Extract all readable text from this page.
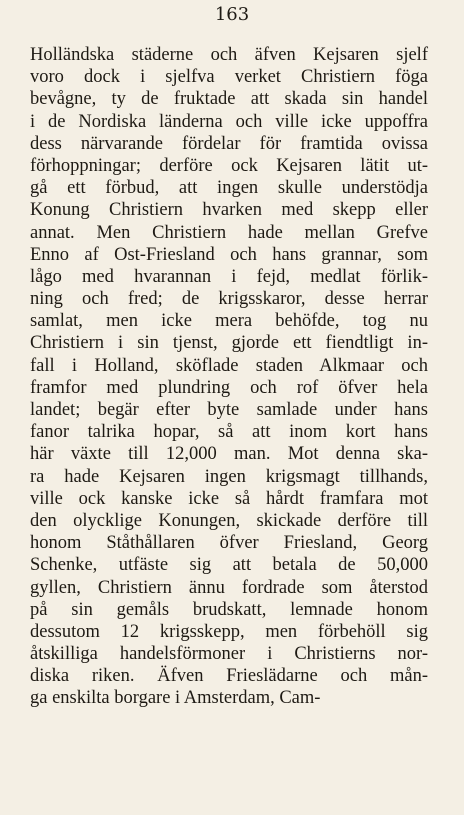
163
Holländska städerne och äfven Kejsaren sjelf
voro dock i sjelfva verket Christiern föga
bevågne, ty de fruktade att skada sin handel
i de Nordiska länderna och ville icke uppoffra
dess närvarande fördelar för framtida ovissa
förhoppningar; derföre ock Kejsaren lätit ut-
gå ett förbud, att ingen skulle understödja
Konung Christiern hvarken med skepp eller
annat. Men Christiern hade mellan Grefve
Enno af Ost-Friesland och hans grannar, som
lågo med hvarannan i fejd, medlat förlik-
ning och fred; de krigsskaror, desse herrar
samlat, men icke mera behöfde, tog nu
Christiern i sin tjenst, gjorde ett fiendtligt in-
fall i Holland, sköflade staden Alkmaar och
framfor med plundring och rof öfver hela
landet; begär efter byte samlade under hans
fanor talrika hopar, så att inom kort hans
här växte till 12,000 man. Mot denna ska-
ra hade Kejsaren ingen krigsmagt tillhands,
ville ock kanske icke så hårdt framfara mot
den olycklige Konungen, skickade derföre till
honom Ståthållaren öfver Friesland, Georg
Schenke, utfäste sig att betala de 50,000
gyllen, Christiern ännu fordrade som återstod
på sin gemåls brudskatt, lemnade honom
dessutom 12 krigsskepp, men förbehöll sig
åtskilliga handelsförmoner i Christierns nor-
diska riken. Äfven Frieslädarne och mån-
ga enskilta borgare i Amsterdam, Cam-
